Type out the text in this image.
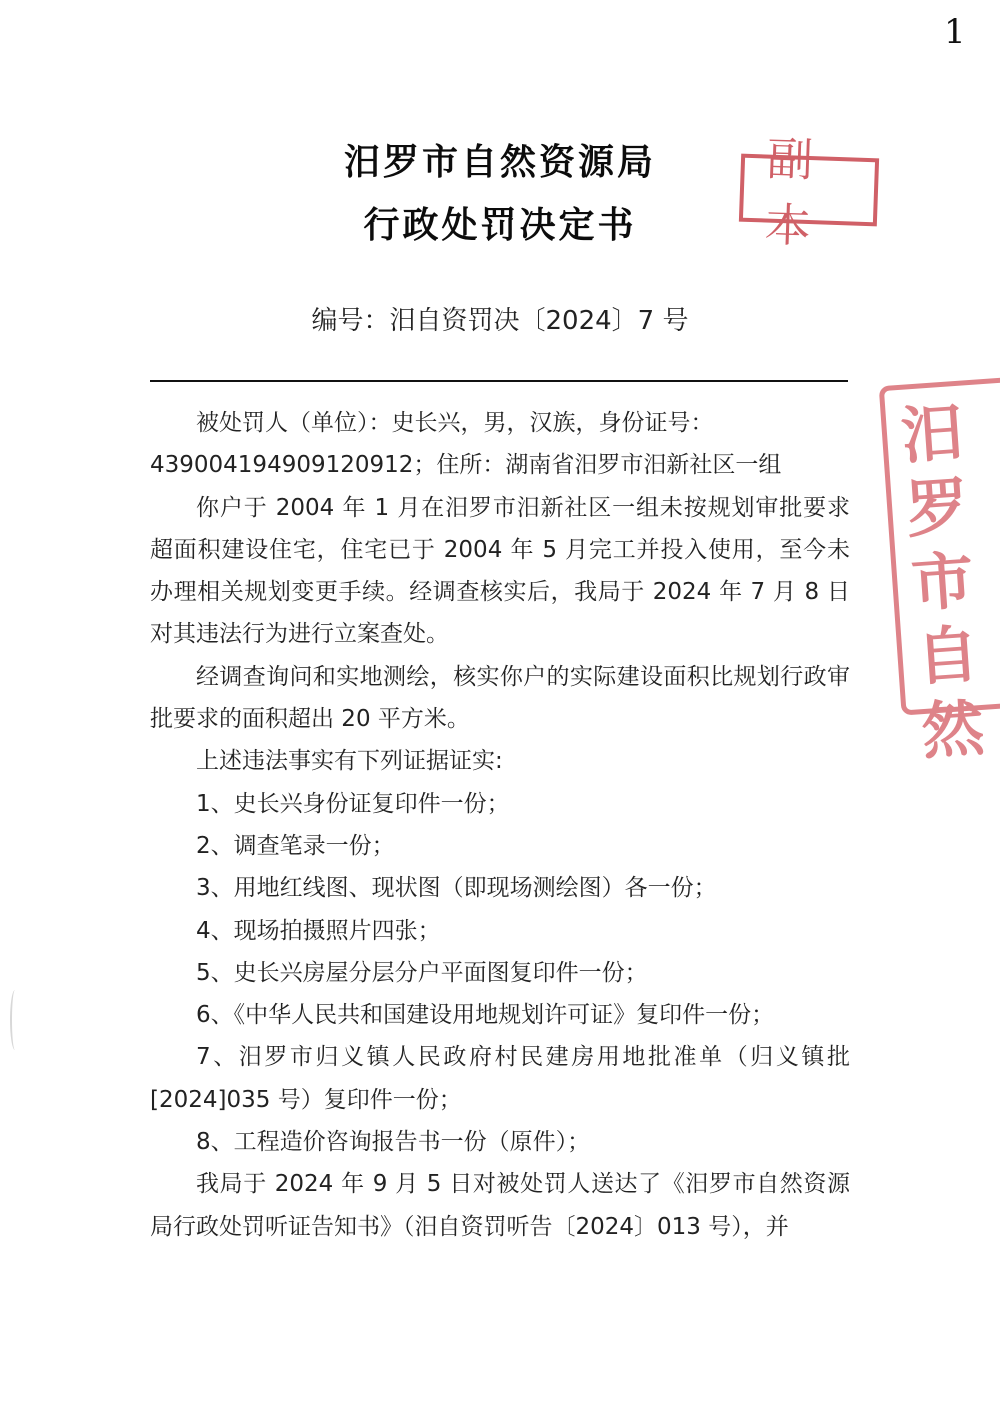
1
汨罗市自然资源局
行政处罚决定书
副本
编号：汨自资罚决〔2024〕7 号
汨罗市自然

被处罚人（单位）：史长兴，男，汉族，身份证号：

439004194909120912；住所：湖南省汨罗市汨新社区一组

你户于 2004 年 1 月在汨罗市汨新社区一组未按规划审批要求超面积建设住宅，住宅已于 2004 年 5 月完工并投入使用，至今未办理相关规划变更手续。经调查核实后，我局于 2024 年 7 月 8 日对其违法行为进行立案查处。

经调查询问和实地测绘，核实你户的实际建设面积比规划行政审批要求的面积超出 20 平方米。

上述违法事实有下列证据证实:

1、史长兴身份证复印件一份；

2、调查笔录一份；

3、用地红线图、现状图（即现场测绘图）各一份；

4、现场拍摄照片四张；

5、史长兴房屋分层分户平面图复印件一份；

6、《中华人民共和国建设用地规划许可证》复印件一份；

7、汨罗市归义镇人民政府村民建房用地批准单（归义镇批[2024]035 号）复印件一份；

8、工程造价咨询报告书一份（原件）；

我局于 2024 年 9 月 5 日对被处罚人送达了《汨罗市自然资源局行政处罚听证告知书》（汨自资罚听告〔2024〕013 号），并
